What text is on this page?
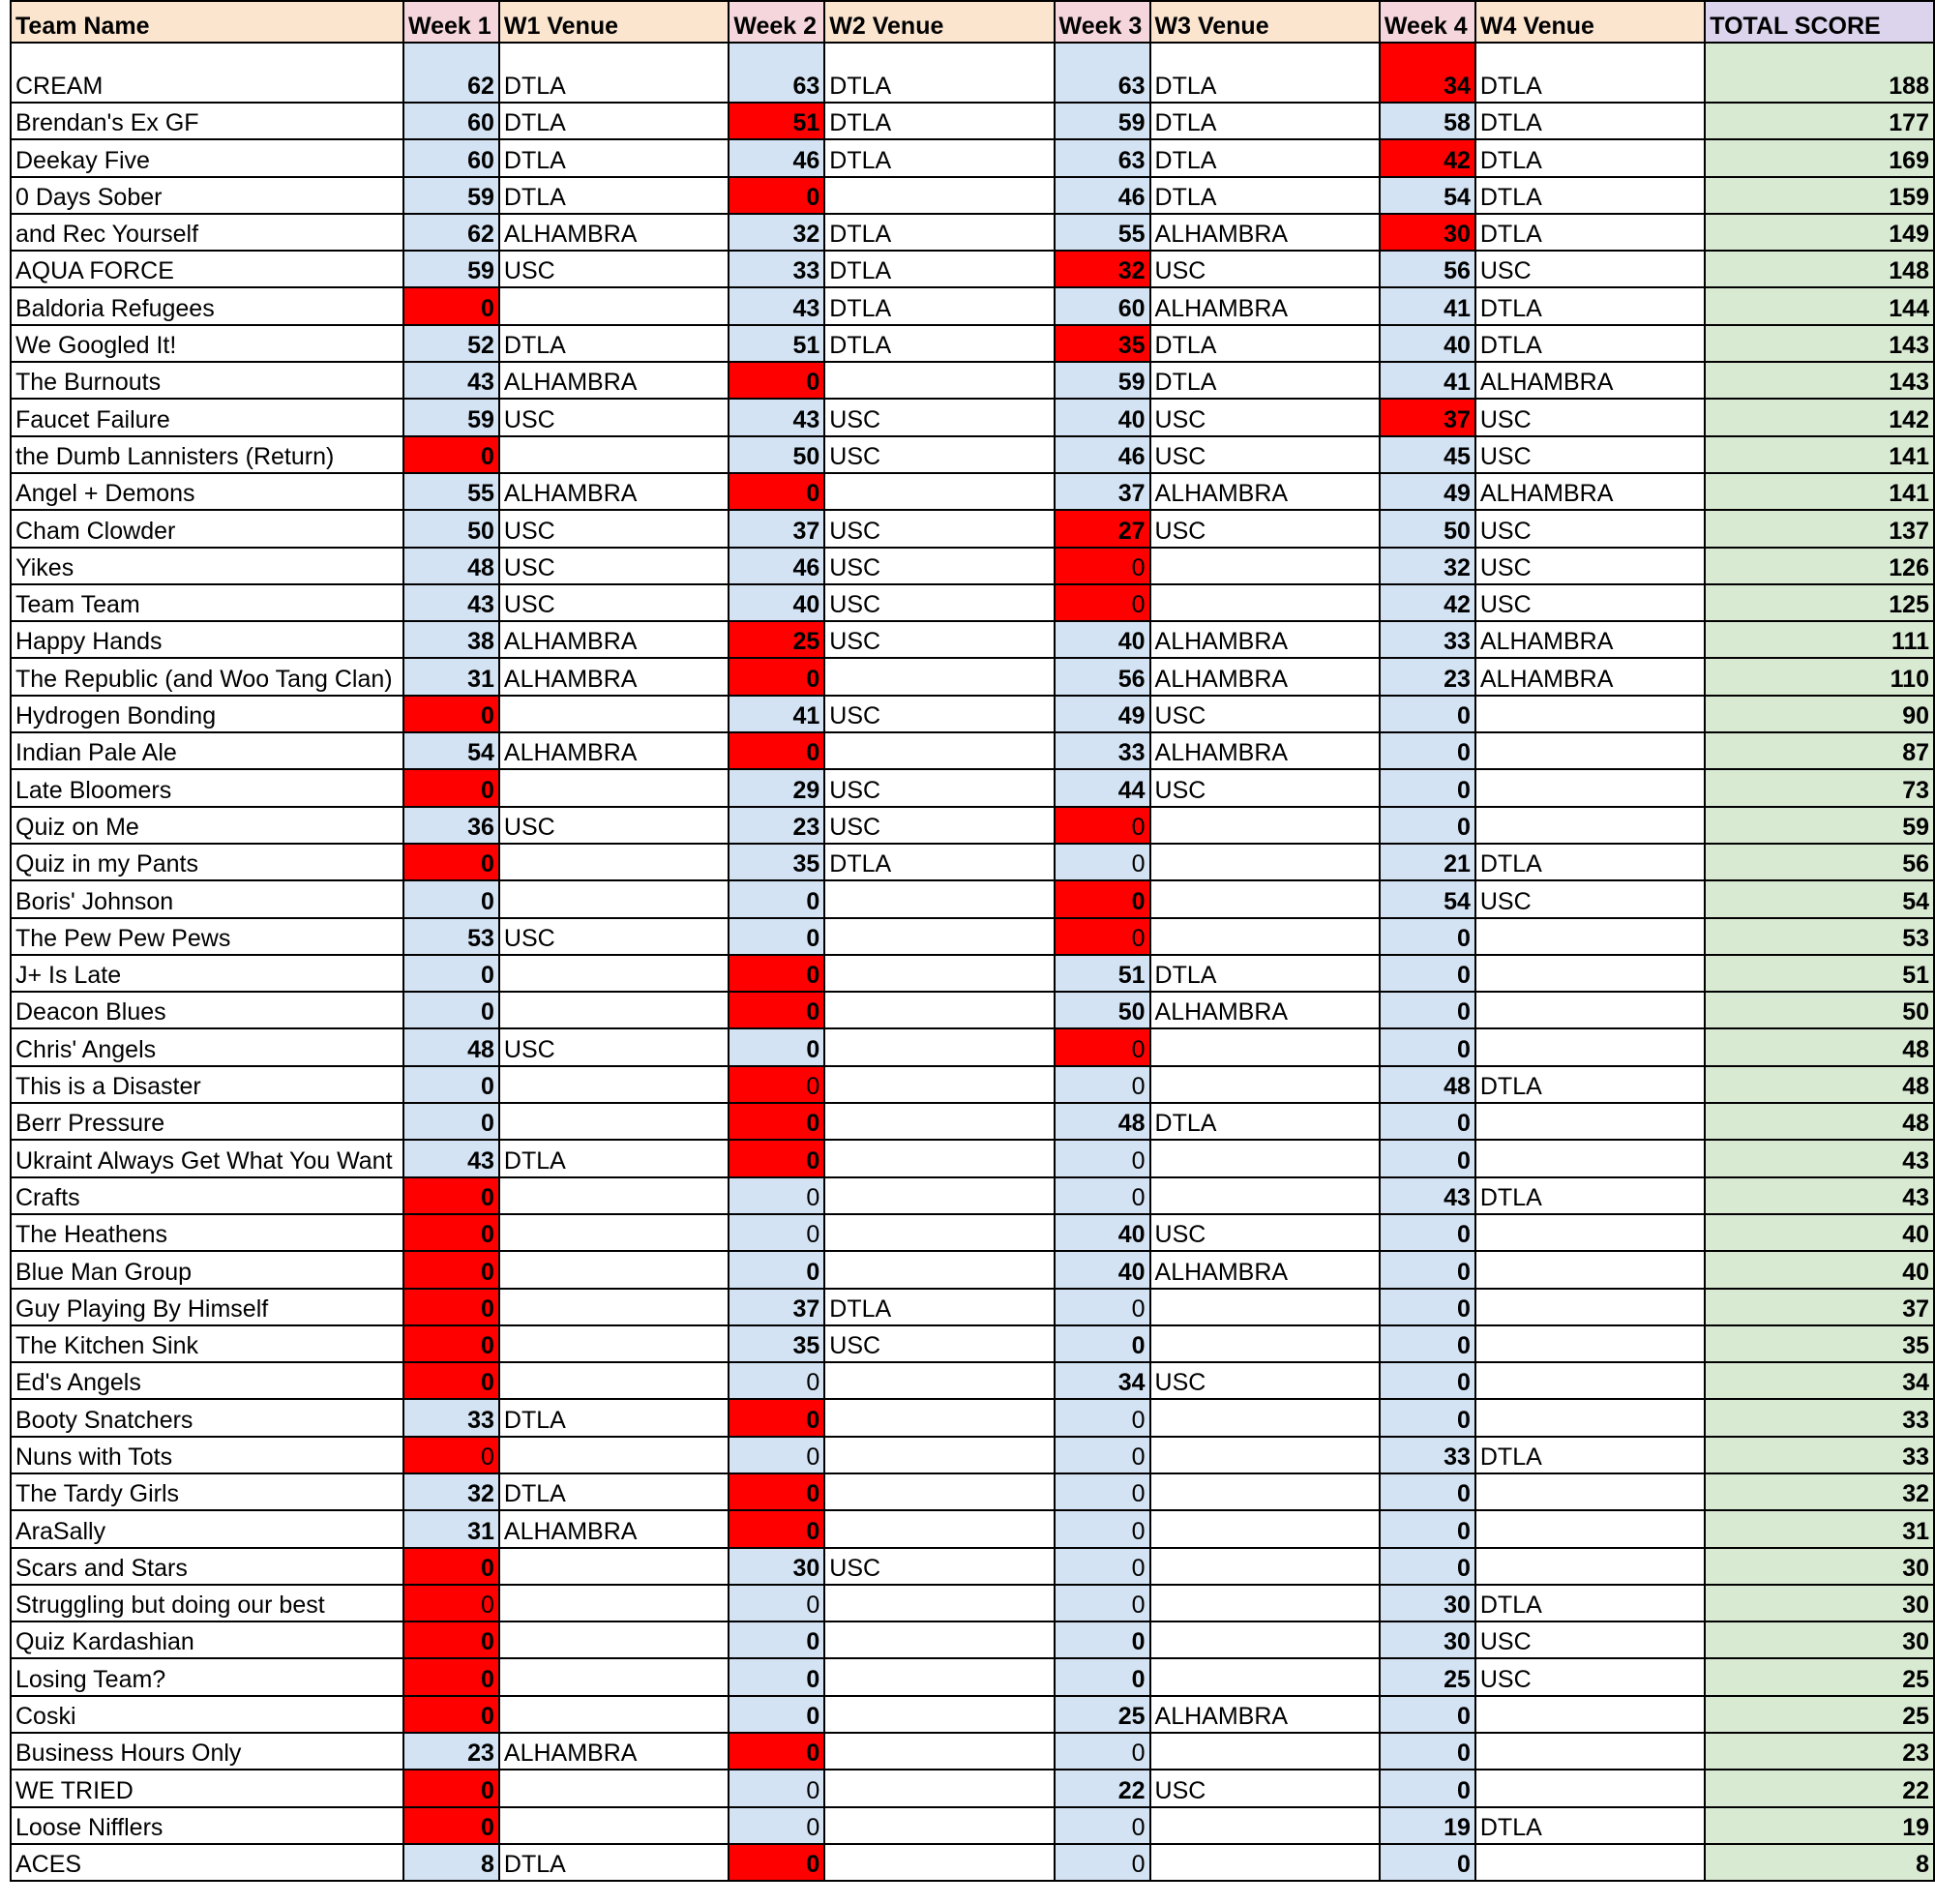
Team Name	Week 1	W1 Venue	Week 2	W2 Venue	Week 3	W3 Venue	Week 4	W4 Venue	TOTAL SCORE
CREAM	62	DTLA	63	DTLA	63	DTLA	34	DTLA	188
Brendan's Ex GF	60	DTLA	51	DTLA	59	DTLA	58	DTLA	177
Deekay Five	60	DTLA	46	DTLA	63	DTLA	42	DTLA	169
0 Days Sober	59	DTLA	0		46	DTLA	54	DTLA	159
and Rec Yourself	62	ALHAMBRA	32	DTLA	55	ALHAMBRA	30	DTLA	149
AQUA FORCE	59	USC	33	DTLA	32	USC	56	USC	148
Baldoria Refugees	0		43	DTLA	60	ALHAMBRA	41	DTLA	144
We Googled It!	52	DTLA	51	DTLA	35	DTLA	40	DTLA	143
The Burnouts	43	ALHAMBRA	0		59	DTLA	41	ALHAMBRA	143
Faucet Failure	59	USC	43	USC	40	USC	37	USC	142
the Dumb Lannisters (Return)	0		50	USC	46	USC	45	USC	141
Angel + Demons	55	ALHAMBRA	0		37	ALHAMBRA	49	ALHAMBRA	141
Cham Clowder	50	USC	37	USC	27	USC	50	USC	137
Yikes	48	USC	46	USC	0		32	USC	126
Team Team	43	USC	40	USC	0		42	USC	125
Happy Hands	38	ALHAMBRA	25	USC	40	ALHAMBRA	33	ALHAMBRA	111
The Republic (and Woo Tang Clan)	31	ALHAMBRA	0		56	ALHAMBRA	23	ALHAMBRA	110
Hydrogen Bonding	0		41	USC	49	USC	0		90
Indian Pale Ale	54	ALHAMBRA	0		33	ALHAMBRA	0		87
Late Bloomers	0		29	USC	44	USC	0		73
Quiz on Me	36	USC	23	USC	0		0		59
Quiz in my Pants	0		35	DTLA	0		21	DTLA	56
Boris' Johnson	0		0		0		54	USC	54
The Pew Pew Pews	53	USC	0		0		0		53
J+ Is Late	0		0		51	DTLA	0		51
Deacon Blues	0		0		50	ALHAMBRA	0		50
Chris' Angels	48	USC	0		0		0		48
This is a Disaster	0		0		0		48	DTLA	48
Berr Pressure	0		0		48	DTLA	0		48
Ukraint Always Get What You Want	43	DTLA	0		0		0		43
Crafts	0		0		0		43	DTLA	43
The Heathens	0		0		40	USC	0		40
Blue Man Group	0		0		40	ALHAMBRA	0		40
Guy Playing By Himself	0		37	DTLA	0		0		37
The Kitchen Sink	0		35	USC	0		0		35
Ed's Angels	0		0		34	USC	0		34
Booty Snatchers	33	DTLA	0		0		0		33
Nuns with Tots	0		0		0		33	DTLA	33
The Tardy Girls	32	DTLA	0		0		0		32
AraSally	31	ALHAMBRA	0		0		0		31
Scars and Stars	0		30	USC	0		0		30
Struggling but doing our best	0		0		0		30	DTLA	30
Quiz Kardashian	0		0		0		30	USC	30
Losing Team?	0		0		0		25	USC	25
Coski	0		0		25	ALHAMBRA	0		25
Business Hours Only	23	ALHAMBRA	0		0		0		23
WE TRIED	0		0		22	USC	0		22
Loose Nifflers	0		0		0		19	DTLA	19
ACES	8	DTLA	0		0		0		8
